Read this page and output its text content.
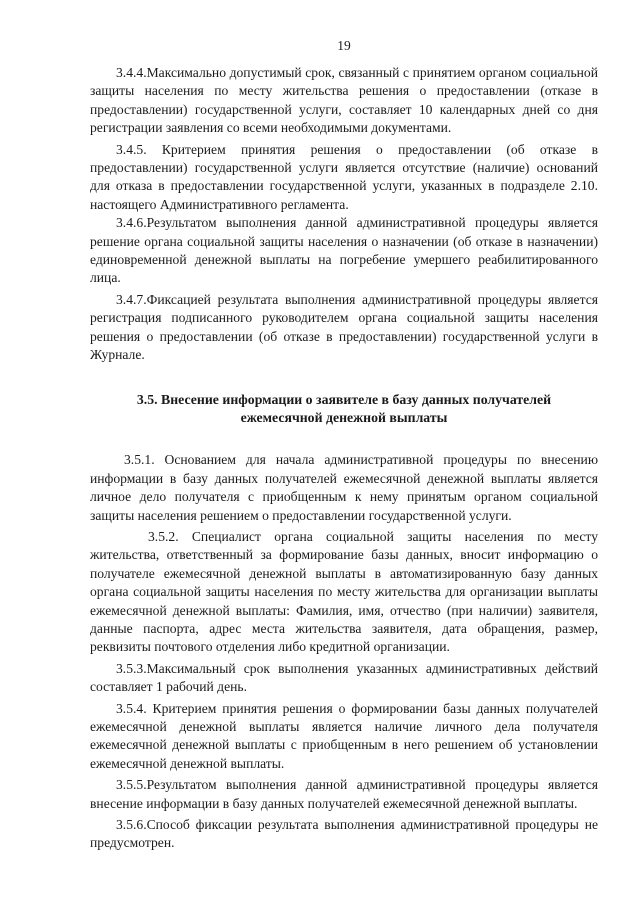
19

3.4.4.Максимально допустимый срок, связанный с принятием органом социальной защиты населения по месту жительства решения о предоставлении (отказе в предоставлении) государственной услуги, составляет 10 календарных дней со дня регистрации заявления со всеми необходимыми документами.

3.4.5. Критерием принятия решения о предоставлении (об отказе в предоставлении) государственной услуги является отсутствие (наличие) оснований для отказа в предоставлении государственной услуги, указанных в подразделе 2.10. настоящего Административного регламента.

3.4.6.Результатом выполнения данной административной процедуры является решение органа социальной защиты населения о назначении (об отказе в назначении) единовременной денежной выплаты на погребение умершего реабилитированного лица.

3.4.7.Фиксацией результата выполнения административной процедуры является регистрация подписанного руководителем органа социальной защиты населения решения о предоставлении (об отказе в предоставлении) государственной услуги в Журнале.

3.5. Внесение информации о заявителе в базу данных получателей
ежемесячной денежной выплаты

3.5.1. Основанием для начала административной процедуры по внесению информации в базу данных получателей ежемесячной денежной выплаты является личное дело получателя с приобщенным к нему принятым органом социальной защиты населения решением о предоставлении государственной услуги.

3.5.2. Специалист органа социальной защиты населения по месту жительства, ответственный за формирование базы данных, вносит информацию о получателе ежемесячной денежной выплаты в автоматизированную базу данных органа социальной защиты населения по месту жительства для организации выплаты ежемесячной денежной выплаты: Фамилия, имя, отчество (при наличии) заявителя, данные паспорта, адрес места жительства заявителя, дата обращения, размер, реквизиты почтового отделения либо кредитной организации.

3.5.3.Максимальный срок выполнения указанных административных действий составляет 1 рабочий день.

3.5.4. Критерием принятия решения о формировании базы данных получателей ежемесячной денежной выплаты является наличие личного дела получателя ежемесячной денежной выплаты с приобщенным в него решением об установлении ежемесячной денежной выплаты.

3.5.5.Результатом выполнения данной административной процедуры является внесение информации в базу данных получателей ежемесячной денежной выплаты.

3.5.6.Способ фиксации результата выполнения административной процедуры не предусмотрен.
